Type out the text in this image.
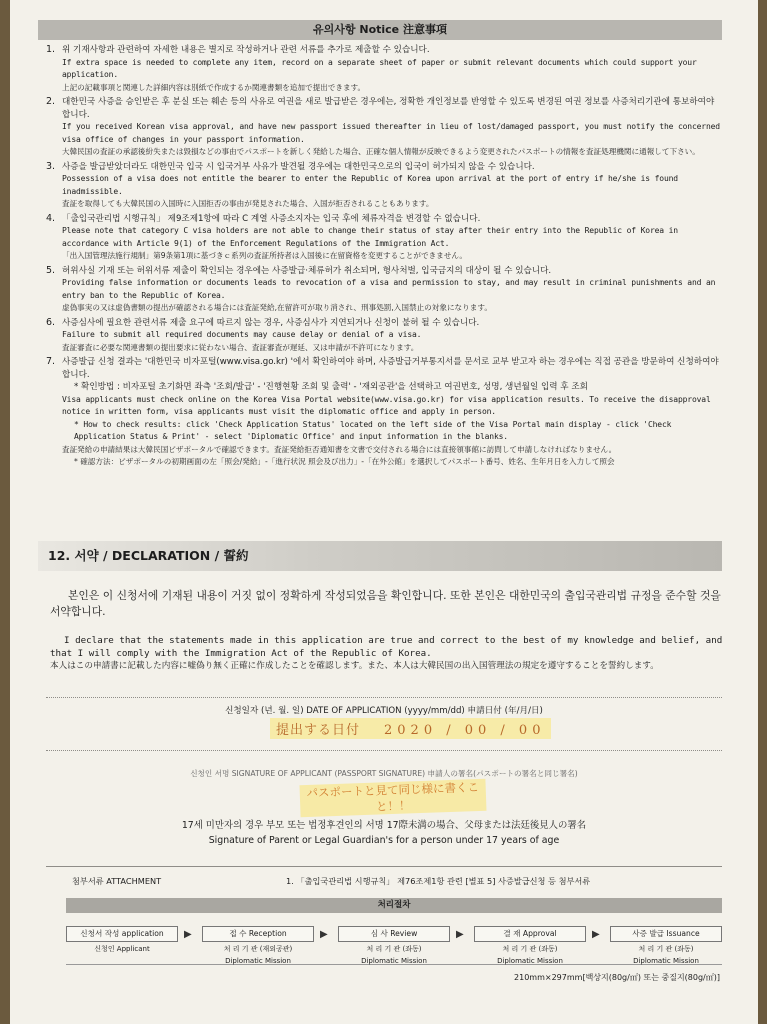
유의사항 Notice 注意事項
1. 위 기재사항과 관련하여 자세한 내용은 별지로 작성하거나 관련 서류를 추가로 제출할 수 있습니다.
If extra space is needed to complete any item, record on a separate sheet of paper or submit relevant documents which could support your application.
上記の記載事項と関連した詳細内容は別紙で作成するか関連書類を追加で提出できます。
2. 대한민국 사증을 승인받은 후 분실 또는 훼손 등의 사유로 여권을 새로 발급받은 경우에는, 정확한 개인정보를 반영할 수 있도록 변경된 여권 정보를 사증처리기관에 통보하여야 합니다.
If you received Korean visa approval, and have new passport issued thereafter in lieu of lost/damaged passport, you must notify the concerned visa office of changes in your passport information.
大韓民国の査証の承認後紛失または毀損などの事由でパスポートを新しく発給した場合、正確な個人情報が反映できるよう変更されたパスポートの情報を査証処理機関に通報して下さい。
3. 사증을 발급받았더라도 대한민국 입국 시 입국거부 사유가 발견될 경우에는 대한민국으로의 입국이 허가되지 않을 수 있습니다.
Possession of a visa does not entitle the bearer to enter the Republic of Korea upon arrival at the port of entry if he/she is found inadmissible.
査証を取得しても大韓民国の入国時に入国拒否の事由が発見された場合、入国が拒否されることもあります。
4. 「출입국관리법 시행규칙」 제9조제1항에 따라 C 계열 사증소지자는 입국 후에 체류자격을 변경할 수 없습니다.
Please note that category C visa holders are not able to change their status of stay after their entry into the Republic of Korea in accordance with Article 9(1) of the Enforcement Regulations of the Immigration Act.
「出入国管理法施行規制」第9条第1項に基づきｃ系列の査証所持者は入国後に在留資格を変更することができません。
5. 허위사실 기재 또는 허위서류 제출이 확인되는 경우에는 사증발급·체류허가 취소되며, 형사처벌, 입국금지의 대상이 될 수 있습니다.
Providing false information or documents leads to revocation of a visa and permission to stay, and may result in criminal punishments and an entry ban to the Republic of Korea.
虚偽事実の又は虚偽書類の提出が確認される場合には査証発給,在留許可が取り消され、刑事処罰,入国禁止の対象になります。
6. 사증심사에 필요한 관련서류 제출 요구에 따르지 않는 경우, 사증심사가 지연되거나 신청이 불허 될 수 있습니다.
Failure to submit all required documents may cause delay or denial of a visa.
査証審査に必要な関連書類の提出要求に従わない場合、査証審査が遅延、又は申請が不許可になります。
7. 사증발급 신청 결과는 '대한민국 비자포털(www.visa.go.kr) '에서 확인하여야 하며, 사증발급거부통지서를 문서로 교부 받고자 하는 경우에는 직접 공관을 방문하여 신청하여야 합니다.
* 확인방법 : 비자포털 초기화면 좌측 '조회/발급' - '진행현황 조회 및 출력' - '재외공관'을 선택하고 여권번호, 성명, 생년월일 입력 후 조회
Visa applicants must check online on the Korea Visa Portal website(www.visa.go.kr) for visa application results. To receive the disapproval notice in written form, visa applicants must visit the diplomatic office and apply in person.
* How to check results: click 'Check Application Status' located on the left side of the Visa Portal main display - click 'Check Application Status & Print' - select 'Diplomatic Office' and input information in the blanks.
査証発給の申請結果は大韓民国ビザポータルで確認できます。査証発給拒否通知書を文書で交付される場合には直接領事館に訪問して申請しなければなりません。
* 確認方法：ビザポータルの初期画面の左「照会/発給」-「進行状況 照会及び出力」-「在外公館」を選択してパスポート番号、姓名、生年月日を入力して照会
12. 서약 / DECLARATION / 誓約
본인은 이 신청서에 기재된 내용이 거짓 없이 정확하게 작성되었음을 확인합니다. 또한 본인은 대한민국의 출입국관리법 규정을 준수할 것을 서약합니다.
I declare that the statements made in this application are true and correct to the best of my knowledge and belief, and that I will comply with the Immigration Act of the Republic of Korea.
本人はこの申請書に記載した内容に嘘偽り無く正確に作成したことを確認します。また、本人は大韓民国の出入国管理法の規定を遵守することを誓約します。
신청일자 (년. 월. 일) DATE OF APPLICATION (yyyy/mm/dd) 申請日付 (年/月/日)
提出する日付 2020 / 00 / 00
신청인 서명 SIGNATURE OF APPLICANT (PASSPORT SIGNATURE) 申請人の署名(パスポートの署名と同じ署名)
パスポートと見て同じ様に書くこと！！
17세 미만자의 경우 부모 또는 법정후견인의 서명 17際未満の場合、父母または法廷後見人の署名
Signature of Parent or Legal Guardian's for a person under 17 years of age
첨부서류 ATTACHMENT	1. 「출입국관리법 시행규칙」 제76조제1항 관련 [별표 5] 사증발급신청 등 첨부서류
처리절차
신청서 작성 application
신청인 Applicant
▶	접 수 Reception
처 리 기 관 (재외공관)
Diplomatic Mission
▶	심 사 Review
처 리 기 관 (좌동)
Diplomatic Mission
▶	결 재 Approval
처 리 기 관 (좌동)
Diplomatic Mission
▶	사증 발급 Issuance
처 리 기 관 (좌동)
Diplomatic Mission
210mm×297mm[백상지(80g/㎡) 또는 중질지(80g/㎡)]
